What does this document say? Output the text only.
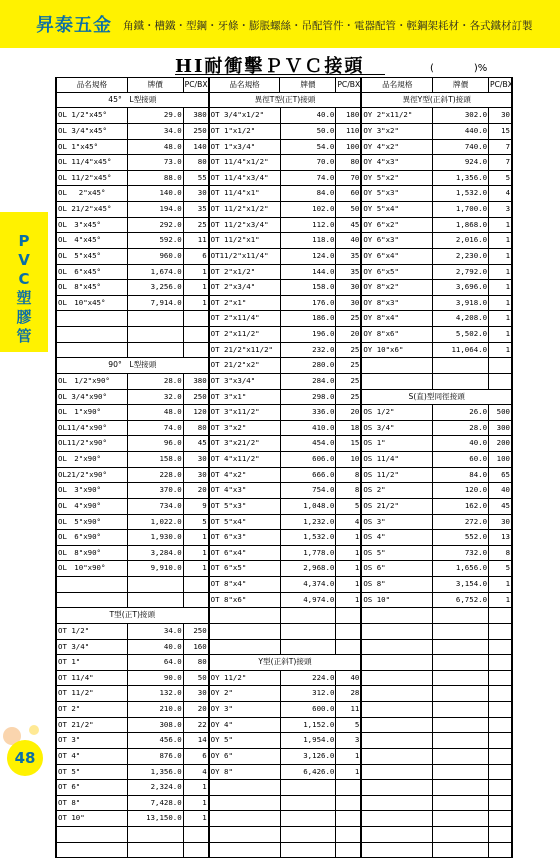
昇泰五金 角鐵・槽鐵・型鋼・牙條・膨脹螺絲・吊配管件・電器配管・輕鋼架耗材・各式鐵材訂製
P
V
C
塑
膠
管
48
HI耐衝擊ＰＶＣ接頭	(　　　　)%
品名規格	牌價	PC/BX	品名規格	牌價	PC/BX	品名規格	牌價	PC/BX
45°　L型接頭	異徑T型(正T)接頭	異徑Y型(正斜T)接頭
OL 1/2"x45°	29.0	380 OT 3/4"x1/2"	40.0	180 OY 2"x11/2"	302.0	30
OL 3/4"x45°	34.0	250 OT 1"x1/2"	50.0	110 OY 3"x2"	440.0	15
OL 1"x45°	48.0	140 OT 1"x3/4"	54.0	100 OY 4"x2"	740.0	7
OL 11/4"x45°	73.0	80 OT 11/4"x1/2"	70.0	80 OY 4"x3"	924.0	7
OL 11/2"x45°	88.0	55 OT 11/4"x3/4"	74.0	70 OY 5"x2"	1,356.0	5
OL　 2"x45°	140.0	30 OT 11/4"x1"	84.0	60 OY 5"x3"	1,532.0	4
OL 21/2"x45°	194.0	35 OT 11/2"x1/2"	102.0	50 OY 5"x4"	1,700.0	3
OL　3"x45°	292.0	25 OT 11/2"x3/4"	112.0	45 OY 6"x2"	1,868.0	1
OL　4"x45°	592.0	11 OT 11/2"x1"	118.0	40 OY 6"x3"	2,016.0	1
OL　5"x45°	960.0	6 OT11/2"x11/4"	124.0	35 OY 6"x4"	2,230.0	1
OL　6"x45°	1,674.0	1 OT 2"x1/2"	144.0	35 OY 6"x5"	2,792.0	1
OL　8"x45°	3,256.0	1 OT 2"x3/4"	158.0	30 OY 8"x2"	3,696.0	1
OL　10"x45°	7,914.0	1 OT 2"x1"	176.0	30 OY 8"x3"	3,918.0	1
OT 2"x11/4"	186.0	25 OY 8"x4"	4,208.0	1
OT 2"x11/2"	196.0	20 OY 8"x6"	5,502.0	1
OT 21/2"x11/2"	232.0	25 OY 10"x6"	11,064.0	1
90°　L型接頭	OT 21/2"x2"	280.0	25
OL　1/2"x90°	28.0	380 OT 3"x3/4"	284.0	25
OL 3/4"x90°	32.0	250 OT 3"x1"	298.0	25	S(直)型同徑接頭
OL　1"x90°	48.0	120 OT 3"x11/2"	336.0	20 OS 1/2"	26.0	500
OL11/4"x90°	74.0	80 OT 3"x2"	410.0	18 OS 3/4"	28.0	300
OL11/2"x90°	96.0	45 OT 3"x21/2"	454.0	15 OS 1"	40.0	200
OL　2"x90°	158.0	30 OT 4"x11/2"	606.0	10 OS 11/4"	60.0	100
OL21/2"x90°	228.0	30 OT 4"x2"	666.0	8 OS 11/2"	84.0	65
OL　3"x90°	370.0	20 OT 4"x3"	754.0	8 OS 2"	120.0	40
OL　4"x90°	734.0	9 OT 5"x3"	1,048.0	5 OS 21/2"	162.0	45
OL　5"x90°	1,022.0	5 OT 5"x4"	1,232.0	4 OS 3"	272.0	30
OL　6"x90°	1,930.0	1 OT 6"x3"	1,532.0	1 OS 4"	552.0	13
OL　8"x90°	3,284.0	1 OT 6"x4"	1,778.0	1 OS 5"	732.0	8
OL　10"x90°	9,910.0	1 OT 6"x5"	2,968.0	1 OS 6"	1,656.0	5
OT 8"x4"	4,374.0	1 OS 8"	3,154.0	1
OT 8"x6"	4,974.0	1 OS 10"	6,752.0	1
T型(正T)接頭
OT 1/2"	34.0	250
OT 3/4"	40.0	160
OT 1"	64.0	80	Y型(正斜T)接頭
OT 11/4"	90.0	50 OY 11/2"	224.0	40
OT 11/2"	132.0	30 OY 2"	312.0	28
OT 2"	210.0	20 OY 3"	600.0	11
OT 21/2"	308.0	22 OY 4"	1,152.0	5
OT 3"	456.0	14 OY 5"	1,954.0	3
OT 4"	876.0	6 OY 6"	3,126.0	1
OT 5"	1,356.0	4 OY 8"	6,426.0	1
OT 6"	2,324.0	1
OT 8"	7,428.0	1
OT 10"	13,150.0	1
